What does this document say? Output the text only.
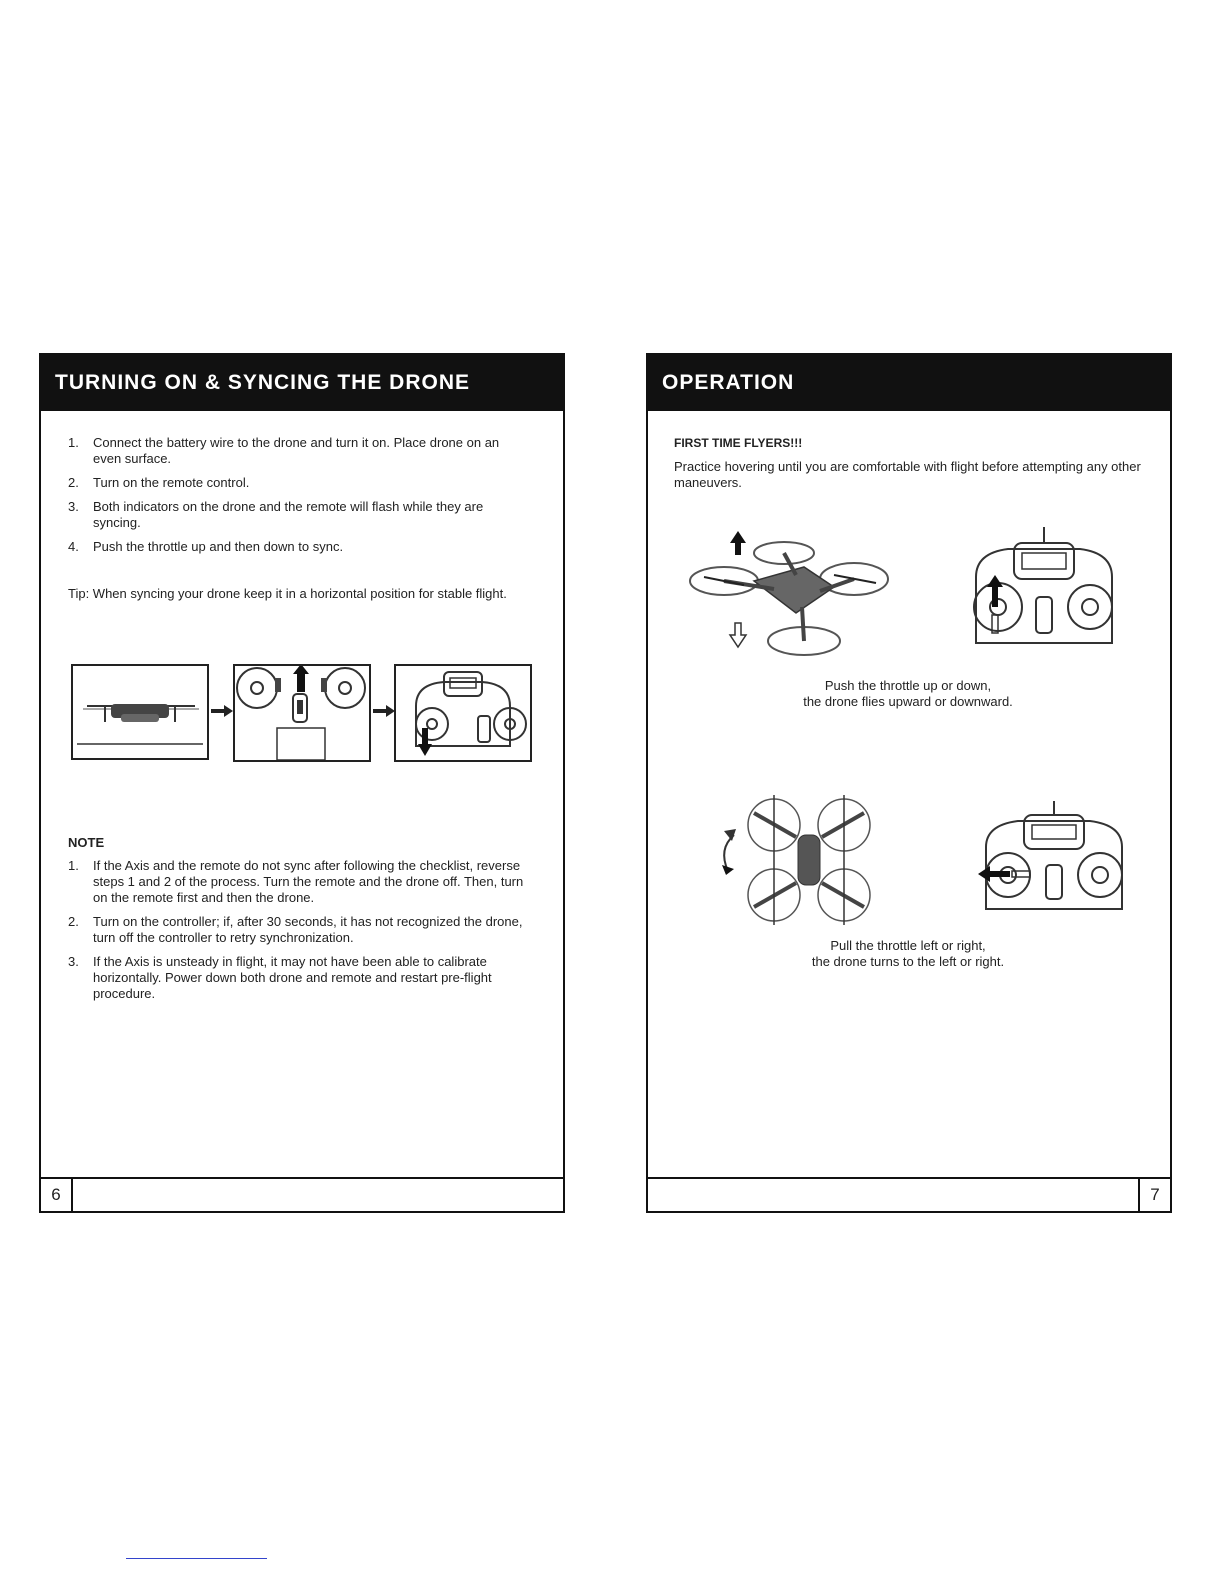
TURNING ON & SYNCING THE DRONE
1. Connect the battery wire to the drone and turn it on. Place drone on an even surface.
2. Turn on the remote control.
3. Both indicators on the drone and the remote will flash while they are syncing.
4. Push the throttle up and then down to sync.
Tip: When syncing your drone keep it in a horizontal position for stable flight.
NOTE
1. If the Axis and the remote do not sync after following the checklist, reverse steps 1 and 2 of the process. Turn the remote and the drone off. Then, turn on the remote first and then the drone.
2. Turn on the controller; if, after 30 seconds, it has not recognized the drone, turn off the controller to retry synchronization.
3. If the Axis is unsteady in flight, it may not have been able to calibrate horizontally. Power down both drone and remote and restart pre-flight procedure.
6
OPERATION
FIRST TIME FLYERS!!!
Practice hovering until you are comfortable with flight before attempting any other maneuvers.
Push the throttle up or down,
the drone flies upward or downward.
Pull the throttle left or right,
the drone turns to the left or right.
7
